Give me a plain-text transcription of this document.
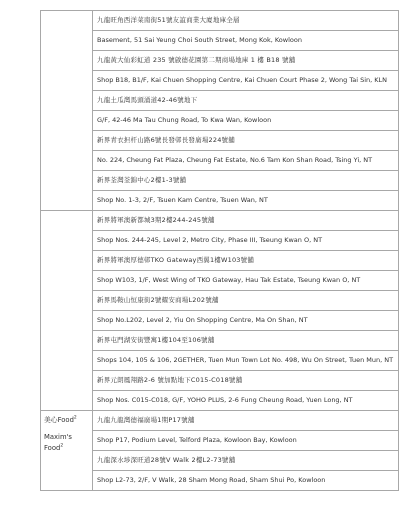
	九龍旺角西洋菜南街51號友誼商業大廈地庫全層
	Basement, 51 Sai Yeung Choi South Street, Mong Kok, Kowloon
	九龍黃大仙彩虹道 235 號啟德花園第二期商場地庫 1 樓 B18 號舖
	Shop B18, B1/F, Kai Chuen Shopping Centre, Kai Chuen Court Phase 2, Wong Tai Sin, KLN
	九龍土瓜灣馬頭涌道42-46號地下
	G/F, 42-46 Ma Tau Chung Road, To Kwa Wan, Kowloon
	新界青衣担杆山路6號長發邨長發廣場224號舖
	No. 224, Cheung Fat Plaza, Cheung Fat Estate, No.6 Tam Kon Shan Road, Tsing Yi, NT
	新界荃灣荃錦中心2樓1-3號舖
	Shop No. 1-3, 2/F, Tsuen Kam Centre, Tsuen Wan, NT
	新界將軍澳新都城3期2樓244-245號舖
	Shop Nos. 244-245, Level 2, Metro City, Phase III, Tseung Kwan O, NT
	新界將軍澳厚德邨TKO Gateway西翼1樓W103號舖
	Shop W103, 1/F, West Wing of TKO Gateway, Hau Tak Estate, Tseung Kwan O, NT
	新界馬鞍山恒康街2號耀安商場L202號舖
	Shop No.L202, Level 2, Yiu On Shopping Centre, Ma On Shan, NT
	新界屯門湖安街豐寓1樓104至106號舖
	Shops 104, 105 & 106, 2GETHER, Tuen Mun Town Lot No. 498, Wu On Street, Tuen Mun, NT
	新界元朗鳳翔路2-6 號加點地下C015-C018號舖
	Shop Nos. C015-C018, G/F, YOHO PLUS, 2-6 Fung Cheung Road, Yuen Long, NT

美心Food$^2$
Maxim's Food$^2$	九龍九龍灣德福廣場1期P17號舖
	Shop P17, Podium Level, Telford Plaza, Kowloon Bay, Kowloon
	九龍深水埗深旺道28號V Walk 2樓L2-73號舖
	Shop L2-73, 2/F, V Walk, 28 Sham Mong Road, Sham Shui Po, Kowloon
